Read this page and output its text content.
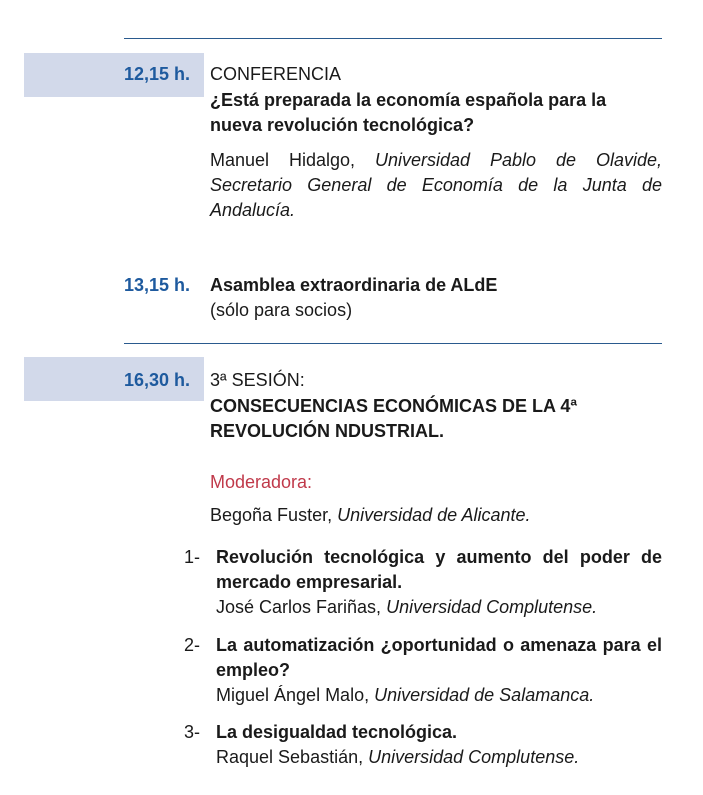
12,15 h. CONFERENCIA
¿Está preparada la economía española para la nueva revolución tecnológica?
Manuel Hidalgo, Universidad Pablo de Olavide, Secretario General de Economía de la Junta de Andalucía.
13,15 h. Asamblea extraordinaria de ALdE
(sólo para socios)
16,30 h. 3ª SESIÓN:
CONSECUENCIAS ECONÓMICAS DE LA 4ª REVOLUCIÓN NDUSTRIAL.
Moderadora:
Begoña Fuster, Universidad de Alicante.
1- Revolución tecnológica y aumento del poder de mercado empresarial.
José Carlos Fariñas, Universidad Complutense.
2- La automatización ¿oportunidad o amenaza para el empleo?
Miguel Ángel Malo, Universidad de Salamanca.
3- La desigualdad tecnológica.
Raquel Sebastián, Universidad Complutense.
